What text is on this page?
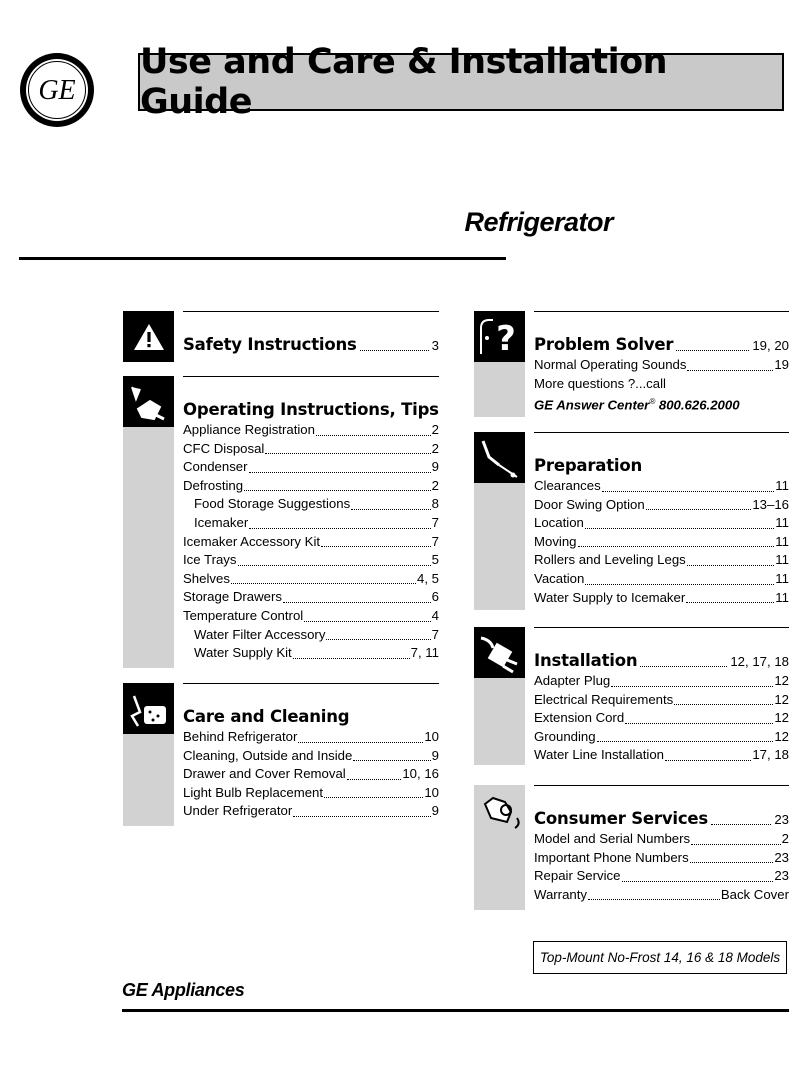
GE
Use and Care & Installation Guide
Refrigerator
Safety Instructions	3
Operating Instructions, Tips
Appliance Registration	2
CFC Disposal	2
Condenser	9
Defrosting	2
Food Storage Suggestions	8
Icemaker	7
Icemaker Accessory Kit	7
Ice Trays	5
Shelves	4, 5
Storage Drawers	6
Temperature Control	4
Water Filter Accessory	7
Water Supply Kit	7, 11
Care and Cleaning
Behind Refrigerator	10
Cleaning, Outside and Inside	9
Drawer and Cover Removal	10, 16
Light Bulb Replacement	10
Under Refrigerator	9
? Problem Solver	19, 20
Normal Operating Sounds	19
More questions ?...call
GE Answer Center® 800.626.2000
Preparation
Clearances	11
Door Swing Option	13–16
Location	11
Moving	11
Rollers and Leveling Legs	11
Vacation	11
Water Supply to Icemaker	11
Installation	12, 17, 18
Adapter Plug	12
Electrical Requirements	12
Extension Cord	12
Grounding	12
Water Line Installation	17, 18
Consumer Services	23
Model and Serial Numbers	2
Important Phone Numbers	23
Repair Service	23
Warranty	Back Cover
Top-Mount No-Frost 14, 16 & 18 Models
GE Appliances
